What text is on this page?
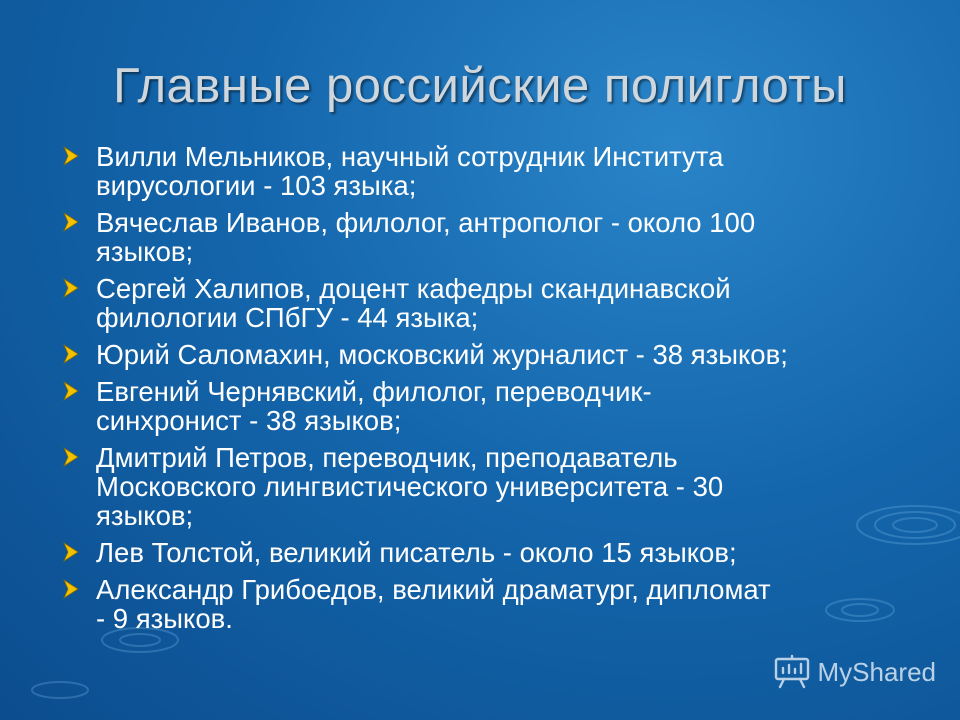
Главные российские полиглоты
Вилли Мельников, научный сотрудник Института
вирусологии - 103 языка;
Вячеслав Иванов, филолог, антрополог - около 100
языков;
Сергей Халипов, доцент кафедры скандинавской
филологии СПбГУ - 44 языка;
Юрий Саломахин, московский журналист - 38 языков;
Евгений Чернявский, филолог, переводчик-
синхронист - 38 языков;
Дмитрий Петров, переводчик, преподаватель
Московского лингвистического университета - 30
языков;
Лев Толстой, великий писатель - около 15 языков;
Александр Грибоедов, великий драматург, дипломат
- 9 языков.
MyShared
